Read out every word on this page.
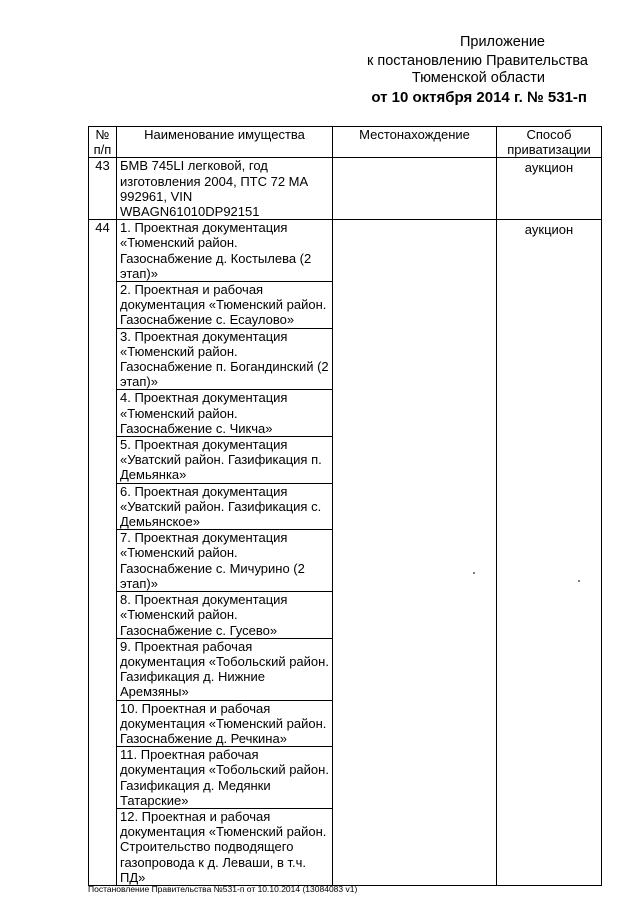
Приложение
к постановлению Правительства
Тюменской области
от 10 октября 2014 г. № 531-п
№ п/п	Наименование имущества	Местонахождение	Способ приватизации
43	БМВ 745LI легковой, год изготовления 2004, ПТС 72 МА 992961, VIN WBAGN61010DP92151		аукцион
44	1. Проектная документация «Тюменский район. Газоснабжение д. Костылева (2 этап)»		аукцион
	2. Проектная и рабочая документация «Тюменский район. Газоснабжение с. Есаулово»		
	3. Проектная документация «Тюменский район. Газоснабжение п. Богандинский (2 этап)»		
	4. Проектная документация «Тюменский район. Газоснабжение с. Чикча»		
	5. Проектная документация «Уватский район. Газификация п. Демьянка»		
	6. Проектная документация «Уватский район. Газификация с. Демьянское»		
	7. Проектная документация «Тюменский район. Газоснабжение с. Мичурино (2 этап)»		
	8. Проектная документация «Тюменский район. Газоснабжение с. Гусево»		
	9. Проектная рабочая документация «Тобольский район. Газификация д. Нижние Аремзяны»		
	10. Проектная и рабочая документация «Тюменский район. Газоснабжение д. Речкина»		
	11. Проектная рабочая документация «Тобольский район. Газификация д. Медянки Татарские»		
	12. Проектная и рабочая документация «Тюменский район. Строительство подводящего газопровода к д. Леваши, в т.ч. ПД»		
Постановление Правительства №531-п от 10.10.2014 (13084083 v1)
